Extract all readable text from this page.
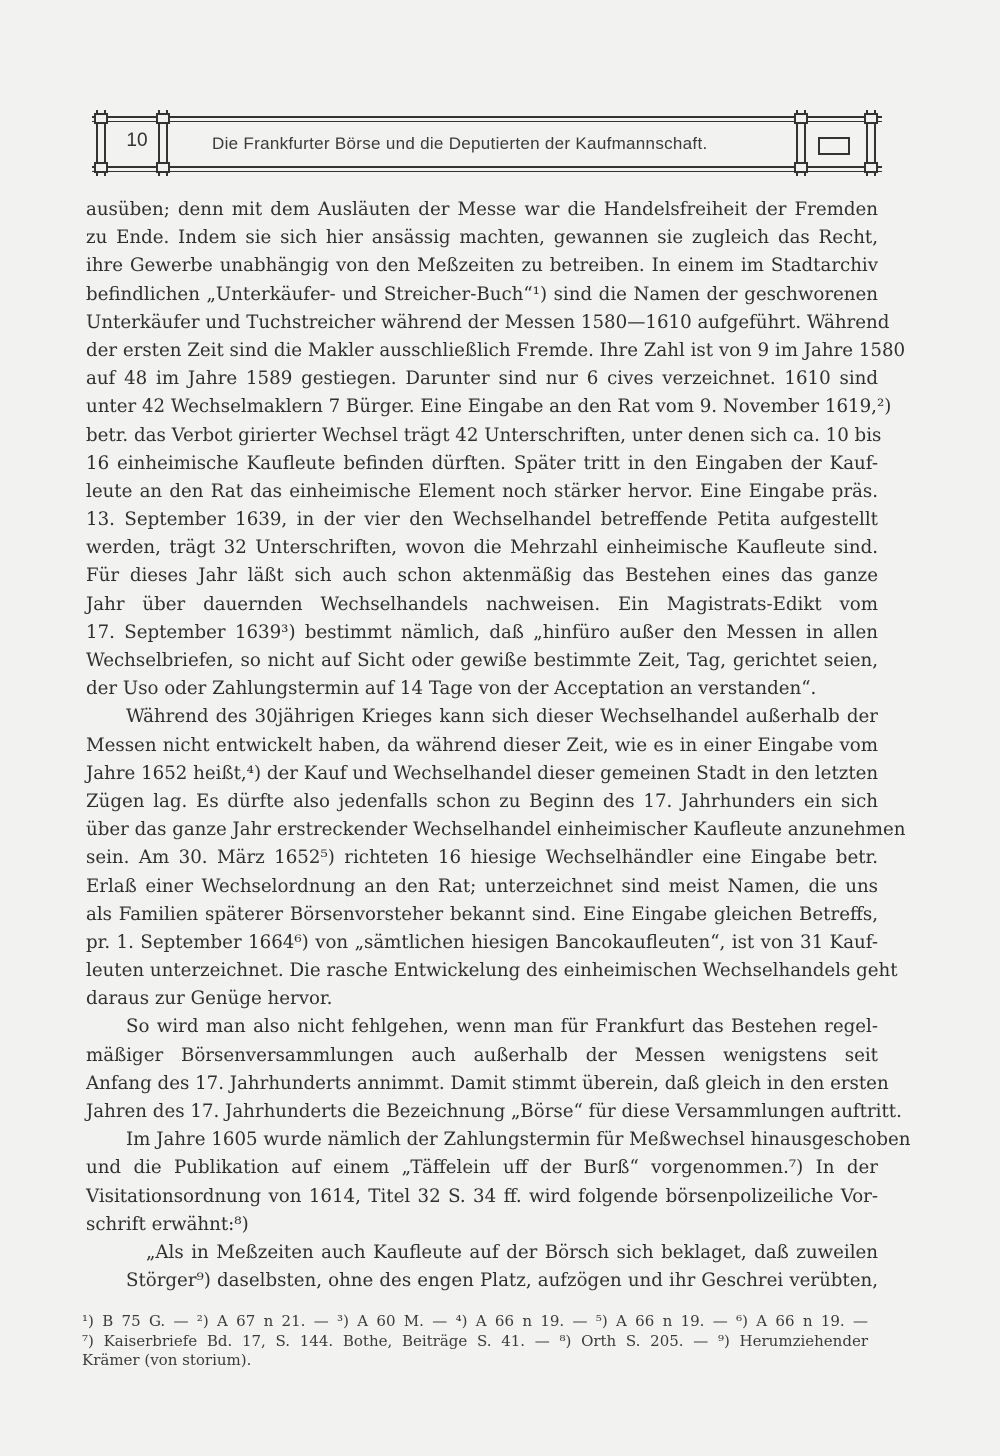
10	Die Frankfurter Börse und die Deputierten der Kaufmannschaft.
ausüben; denn mit dem Ausläuten der Messe war die Handelsfreiheit der Fremden
zu Ende. Indem sie sich hier ansässig machten, gewannen sie zugleich das Recht,
ihre Gewerbe unabhängig von den Meßzeiten zu betreiben. In einem im Stadtarchiv
befindlichen „Unterkäufer- und Streicher-Buch“¹) sind die Namen der geschworenen
Unterkäufer und Tuchstreicher während der Messen 1580—1610 aufgeführt. Während
der ersten Zeit sind die Makler ausschließlich Fremde. Ihre Zahl ist von 9 im Jahre 1580
auf 48 im Jahre 1589 gestiegen. Darunter sind nur 6 cives verzeichnet. 1610 sind
unter 42 Wechselmaklern 7 Bürger. Eine Eingabe an den Rat vom 9. November 1619,²)
betr. das Verbot girierter Wechsel trägt 42 Unterschriften, unter denen sich ca. 10 bis
16 einheimische Kaufleute befinden dürften. Später tritt in den Eingaben der Kauf-
leute an den Rat das einheimische Element noch stärker hervor. Eine Eingabe präs.
13. September 1639, in der vier den Wechselhandel betreffende Petita aufgestellt
werden, trägt 32 Unterschriften, wovon die Mehrzahl einheimische Kaufleute sind.
Für dieses Jahr läßt sich auch schon aktenmäßig das Bestehen eines das ganze
Jahr über dauernden Wechselhandels nachweisen. Ein Magistrats-Edikt vom
17. September 1639³) bestimmt nämlich, daß „hinfüro außer den Messen in allen
Wechselbriefen, so nicht auf Sicht oder gewiße bestimmte Zeit, Tag, gerichtet seien,
der Uso oder Zahlungstermin auf 14 Tage von der Acceptation an verstanden“.
Während des 30jährigen Krieges kann sich dieser Wechselhandel außerhalb der
Messen nicht entwickelt haben, da während dieser Zeit, wie es in einer Eingabe vom
Jahre 1652 heißt,⁴) der Kauf und Wechselhandel dieser gemeinen Stadt in den letzten
Zügen lag. Es dürfte also jedenfalls schon zu Beginn des 17. Jahrhunders ein sich
über das ganze Jahr erstreckender Wechselhandel einheimischer Kaufleute anzunehmen
sein. Am 30. März 1652⁵) richteten 16 hiesige Wechselhändler eine Eingabe betr.
Erlaß einer Wechselordnung an den Rat; unterzeichnet sind meist Namen, die uns
als Familien späterer Börsenvorsteher bekannt sind. Eine Eingabe gleichen Betreffs,
pr. 1. September 1664⁶) von „sämtlichen hiesigen Bancokaufleuten“, ist von 31 Kauf-
leuten unterzeichnet. Die rasche Entwickelung des einheimischen Wechselhandels geht
daraus zur Genüge hervor.
So wird man also nicht fehlgehen, wenn man für Frankfurt das Bestehen regel-
mäßiger Börsenversammlungen auch außerhalb der Messen wenigstens seit
Anfang des 17. Jahrhunderts annimmt. Damit stimmt überein, daß gleich in den ersten
Jahren des 17. Jahrhunderts die Bezeichnung „Börse“ für diese Versammlungen auftritt.
Im Jahre 1605 wurde nämlich der Zahlungstermin für Meßwechsel hinausgeschoben
und die Publikation auf einem „Täffelein uff der Burß“ vorgenommen.⁷) In der
Visitationsordnung von 1614, Titel 32 S. 34 ff. wird folgende börsenpolizeiliche Vor-
schrift erwähnt:⁸)
„Als in Meßzeiten auch Kaufleute auf der Börsch sich beklaget, daß zuweilen
Störger⁹) daselbsten, ohne des engen Platz, aufzögen und ihr Geschrei verübten,
¹) B 75 G. — ²) A 67 n 21. — ³) A 60 M. — ⁴) A 66 n 19. — ⁵) A 66 n 19. — ⁶) A 66 n 19. —
⁷) Kaiserbriefe Bd. 17, S. 144. Bothe, Beiträge S. 41. — ⁸) Orth S. 205. — ⁹) Herumziehender
Krämer (von storium).
